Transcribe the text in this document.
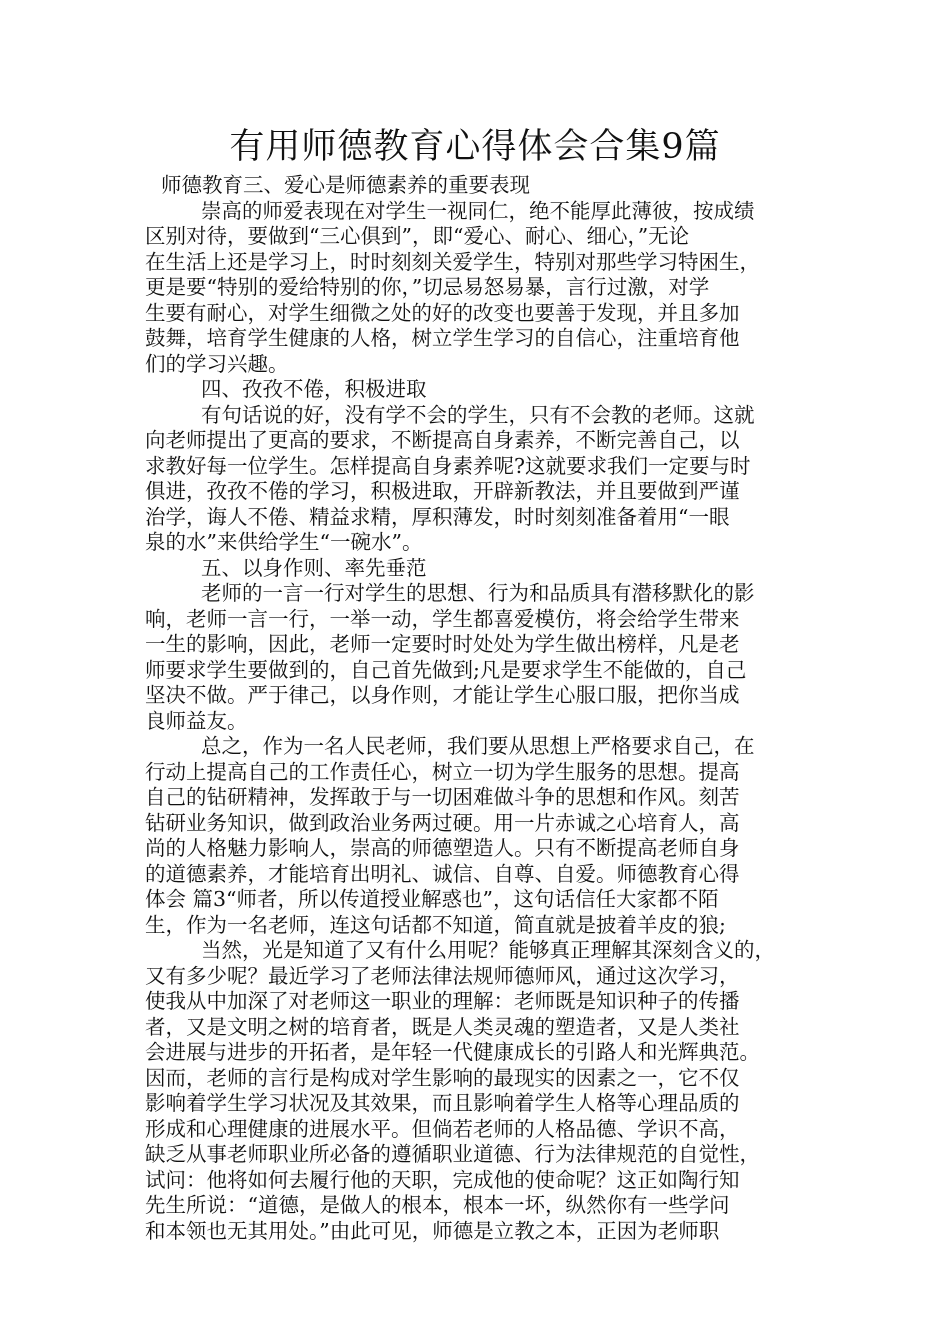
有用师德教育心得体会合集9篇
师德教育三、爱心是师德素养的重要表现
崇高的师爱表现在对学生一视同仁，绝不能厚此薄彼，按成绩
区别对待，要做到“三心俱到”，即“爱心、耐心、细心，”无论
在生活上还是学习上，时时刻刻关爱学生，特别对那些学习特困生，
更是要“特别的爱给特别的你，”切忌易怒易暴，言行过激，对学
生要有耐心，对学生细微之处的好的改变也要善于发现，并且多加
鼓舞，培育学生健康的人格，树立学生学习的自信心，注重培育他
们的学习兴趣。
四、孜孜不倦，积极进取
有句话说的好，没有学不会的学生，只有不会教的老师。这就
向老师提出了更高的要求，不断提高自身素养，不断完善自己，以
求教好每一位学生。怎样提高自身素养呢?这就要求我们一定要与时
俱进，孜孜不倦的学习，积极进取，开辟新教法，并且要做到严谨
治学，诲人不倦、精益求精，厚积薄发，时时刻刻准备着用“一眼
泉的水”来供给学生“一碗水”。
五、以身作则、率先垂范
老师的一言一行对学生的思想、行为和品质具有潜移默化的影
响，老师一言一行，一举一动，学生都喜爱模仿，将会给学生带来
一生的影响，因此，老师一定要时时处处为学生做出榜样，凡是老
师要求学生要做到的，自己首先做到;凡是要求学生不能做的，自己
坚决不做。严于律己，以身作则，才能让学生心服口服，把你当成
良师益友。
总之，作为一名人民老师，我们要从思想上严格要求自己，在
行动上提高自己的工作责任心，树立一切为学生服务的思想。提高
自己的钻研精神，发挥敢于与一切困难做斗争的思想和作风。刻苦
钻研业务知识，做到政治业务两过硬。用一片赤诚之心培育人，高
尚的人格魅力影响人，崇高的师德塑造人。只有不断提高老师自身
的道德素养，才能培育出明礼、诚信、自尊、自爱。师德教育心得
体会 篇3“师者，所以传道授业解惑也”，这句话信任大家都不陌
生，作为一名老师，连这句话都不知道，简直就是披着羊皮的狼;
当然，光是知道了又有什么用呢？能够真正理解其深刻含义的，
又有多少呢？最近学习了老师法律法规师德师风，通过这次学习，
使我从中加深了对老师这一职业的理解：老师既是知识种子的传播
者，又是文明之树的培育者，既是人类灵魂的塑造者，又是人类社
会进展与进步的开拓者，是年轻一代健康成长的引路人和光辉典范。
因而，老师的言行是构成对学生影响的最现实的因素之一，它不仅
影响着学生学习状况及其效果，而且影响着学生人格等心理品质的
形成和心理健康的进展水平。但倘若老师的人格品德、学识不高，
缺乏从事老师职业所必备的遵循职业道德、行为法律规范的自觉性，
试问：他将如何去履行他的天职，完成他的使命呢？这正如陶行知
先生所说：“道德，是做人的根本，根本一坏，纵然你有一些学问
和本领也无其用处。”由此可见，师德是立教之本，正因为老师职
